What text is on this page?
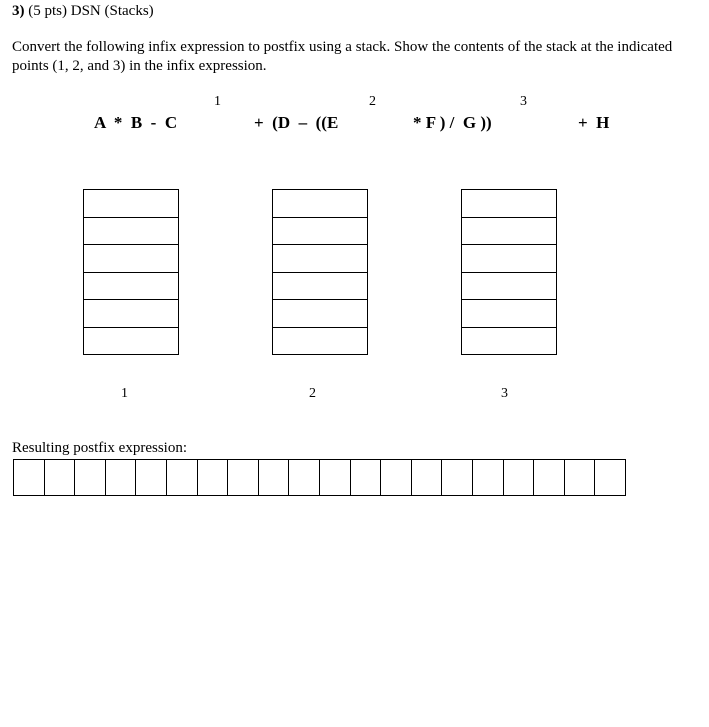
3) (5 pts) DSN (Stacks)
Convert the following infix expression to postfix using a stack. Show the contents of the stack at the indicated points (1, 2, and 3) in the infix expression.
A  *  B  -  C
1
+  (D  –  ((E
2
* F ) /  G ))
3
+  H
1	2	3
Resulting postfix expression:
